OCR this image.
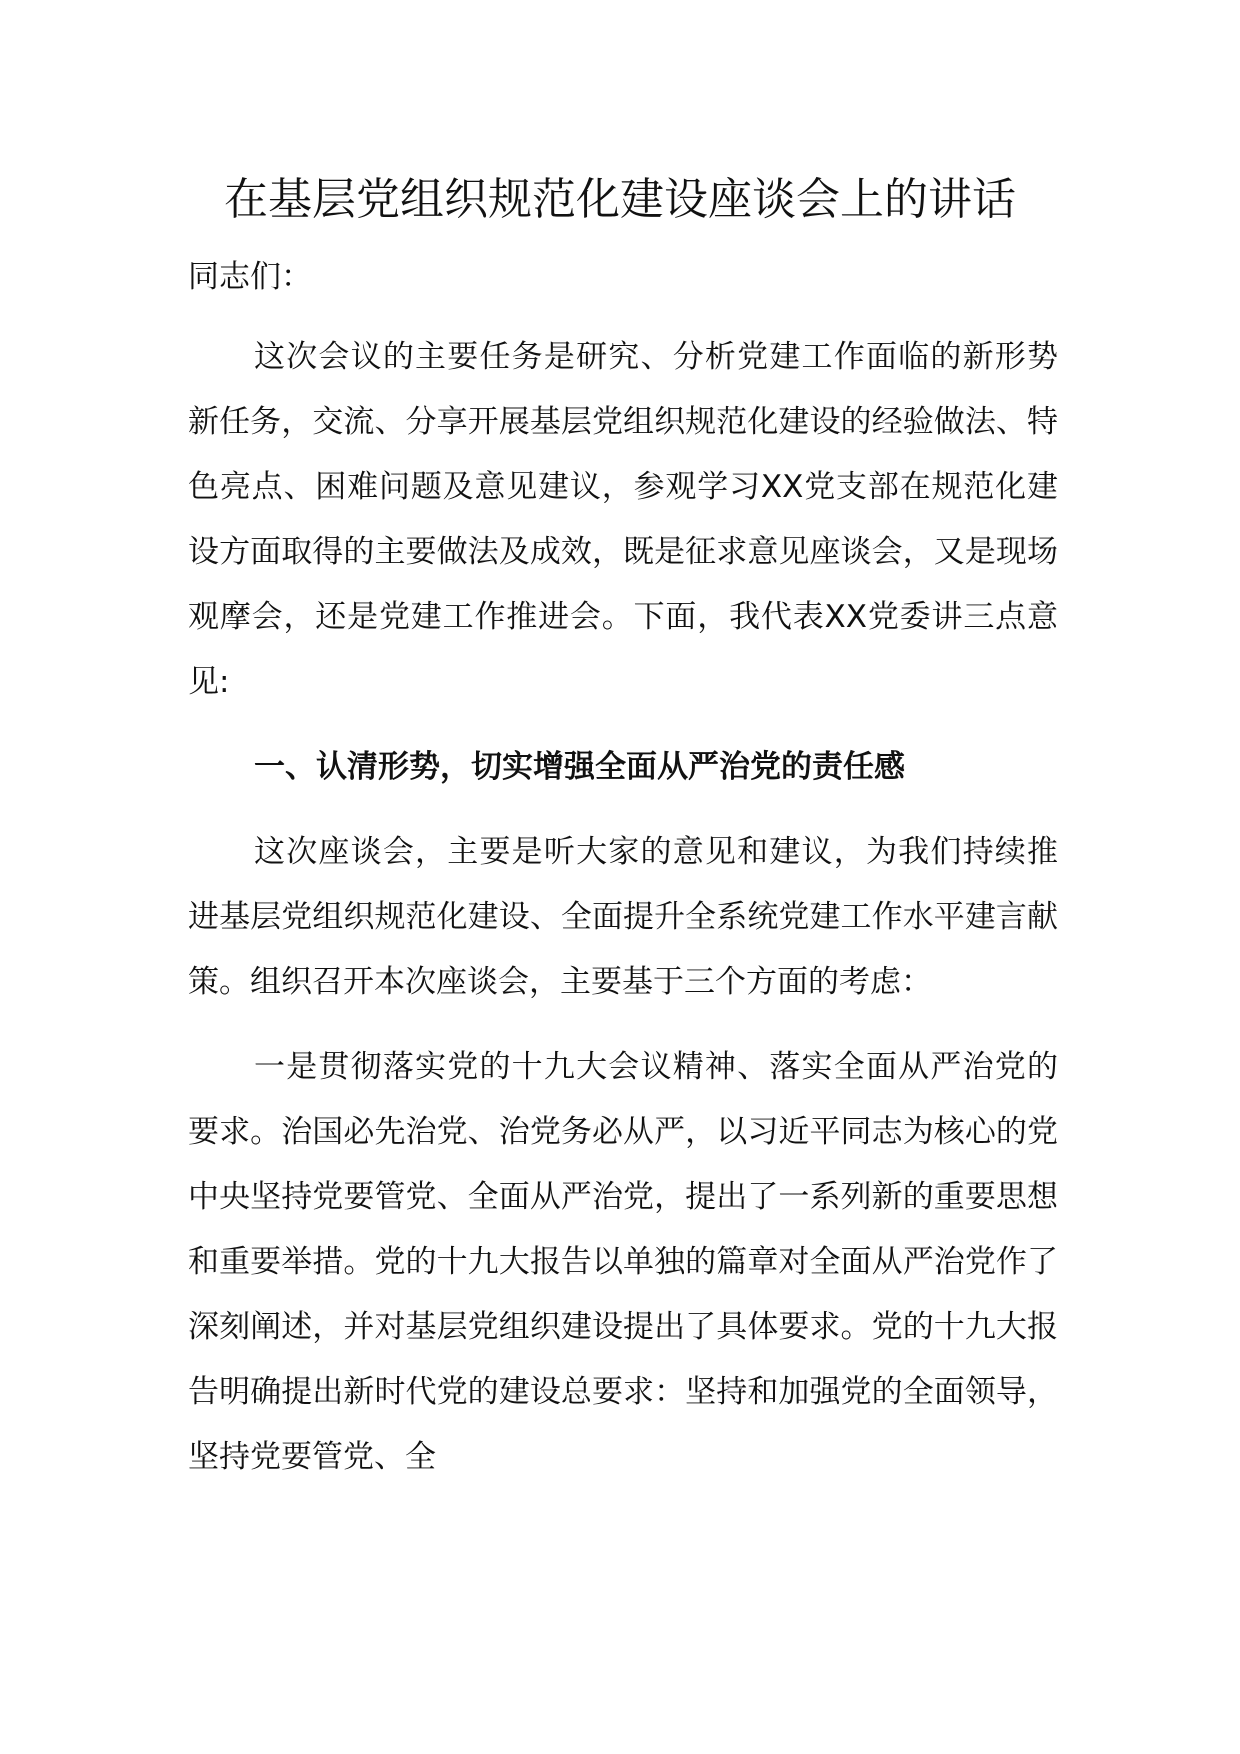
在基层党组织规范化建设座谈会上的讲话

同志们：

这次会议的主要任务是研究、分析党建工作面临的新形势新任务，交流、分享开展基层党组织规范化建设的经验做法、特色亮点、困难问题及意见建议，参观学习XX党支部在规范化建设方面取得的主要做法及成效，既是征求意见座谈会，又是现场观摩会，还是党建工作推进会。下面，我代表XX党委讲三点意见:

一、认清形势，切实增强全面从严治党的责任感

这次座谈会，主要是听大家的意见和建议，为我们持续推进基层党组织规范化建设、全面提升全系统党建工作水平建言献策。组织召开本次座谈会，主要基于三个方面的考虑：

一是贯彻落实党的十九大会议精神、落实全面从严治党的要求。治国必先治党、治党务必从严，以习近平同志为核心的党中央坚持党要管党、全面从严治党，提出了一系列新的重要思想和重要举措。党的十九大报告以单独的篇章对全面从严治党作了深刻阐述，并对基层党组织建设提出了具体要求。党的十九大报告明确提出新时代党的建设总要求：坚持和加强党的全面领导，坚持党要管党、全
